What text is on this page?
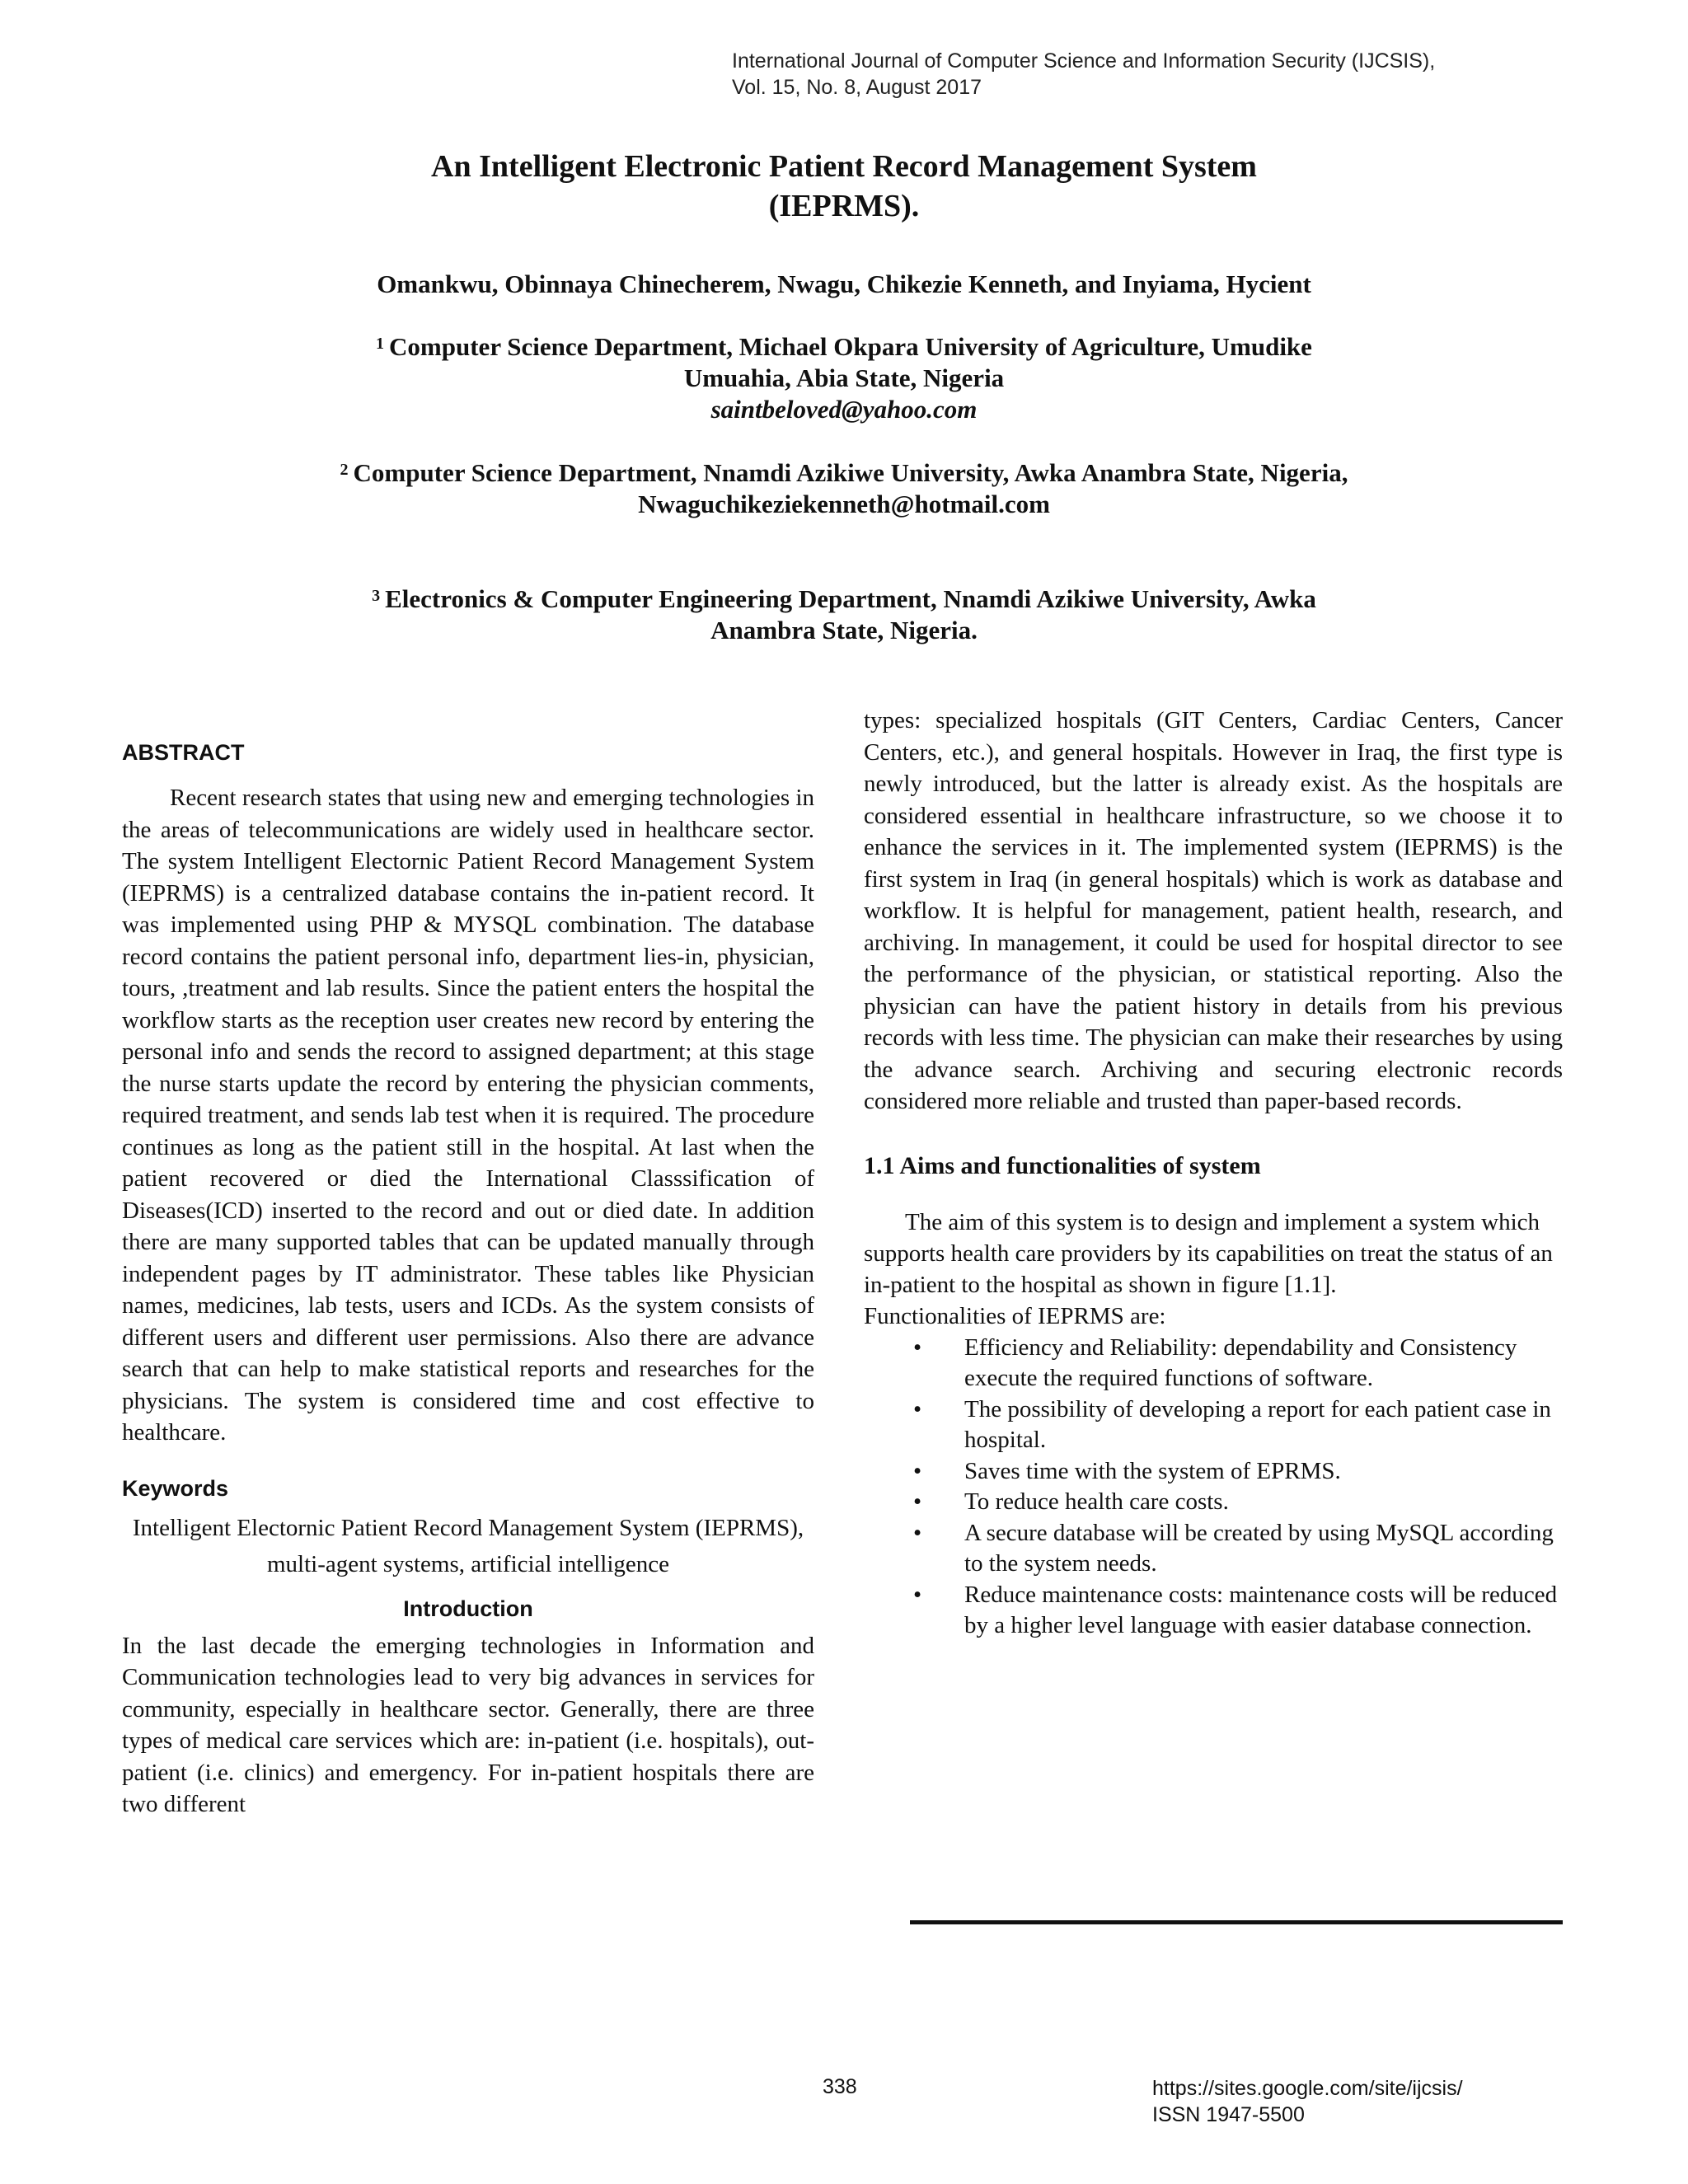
International Journal of Computer Science and Information Security (IJCSIS),
Vol. 15, No. 8, August 2017
An Intelligent Electronic Patient Record Management System
(IEPRMS).
Omankwu, Obinnaya Chinecherem, Nwagu, Chikezie Kenneth, and Inyiama, Hycient
$^1$ Computer Science Department, Michael Okpara University of Agriculture, Umudike
Umuahia, Abia State, Nigeria
saintbeloved@yahoo.com
$^2$ Computer Science Department, Nnamdi Azikiwe University, Awka Anambra State, Nigeria,
Nwaguchikeziekenneth@hotmail.com
$^3$ Electronics & Computer Engineering Department, Nnamdi Azikiwe University, Awka
Anambra State, Nigeria.
ABSTRACT

Recent research states that using new and emerging technologies in the areas of telecommunications are widely used in healthcare sector. The system Intelligent Electornic Patient Record Management System (IEPRMS) is a centralized database contains the in-patient record. It was implemented using PHP & MYSQL combination. The database record contains the patient personal info, department lies-in, physician, tours, ,treatment and lab results. Since the patient enters the hospital the workflow starts as the reception user creates new record by entering the personal info and sends the record to assigned department; at this stage the nurse starts update the record by entering the physician comments, required treatment, and sends lab test when it is required. The procedure continues as long as the patient still in the hospital. At last when the patient recovered or died the International Classsification of Diseases(ICD) inserted to the record and out or died date. In addition there are many supported tables that can be updated manually through independent pages by IT administrator. These tables like Physician names, medicines, lab tests, users and ICDs. As the system consists of different users and different user permissions. Also there are advance search that can help to make statistical reports and researches for the physicians. The system is considered time and cost effective to healthcare.

Keywords

Intelligent Electornic Patient Record Management System (IEPRMS), multi-agent systems, artificial intelligence

Introduction

In the last decade the emerging technologies in Information and Communication technologies lead to very big advances in services for community, especially in healthcare sector. Generally, there are three types of medical care services which are: in-patient (i.e. hospitals), out-patient (i.e. clinics) and emergency. For in-patient hospitals there are two different

types: specialized hospitals (GIT Centers, Cardiac Centers, Cancer Centers, etc.), and general hospitals. However in Iraq, the first type is newly introduced, but the latter is already exist. As the hospitals are considered essential in healthcare infrastructure, so we choose it to enhance the services in it. The implemented system (IEPRMS) is the first system in Iraq (in general hospitals) which is work as database and workflow. It is helpful for management, patient health, research, and archiving. In management, it could be used for hospital director to see the performance of the physician, or statistical reporting. Also the physician can have the patient history in details from his previous records with less time. The physician can make their researches by using the advance search. Archiving and securing electronic records considered more reliable and trusted than paper-based records.

1.1 Aims and functionalities of system

The aim of this system is to design and implement a system which supports health care providers by its capabilities on treat the status of an in-patient to the hospital as shown in figure [1.1].

Functionalities of IEPRMS are:

• Efficiency and Reliability: dependability and Consistency execute the required functions of software.
• The possibility of developing a report for each patient case in hospital.
• Saves time with the system of EPRMS.
• To reduce health care costs.
• A secure database will be created by using MySQL according to the system needs.
• Reduce maintenance costs: maintenance costs will be reduced by a higher level language with easier database connection.
338	https://sites.google.com/site/ijcsis/
ISSN 1947-5500
